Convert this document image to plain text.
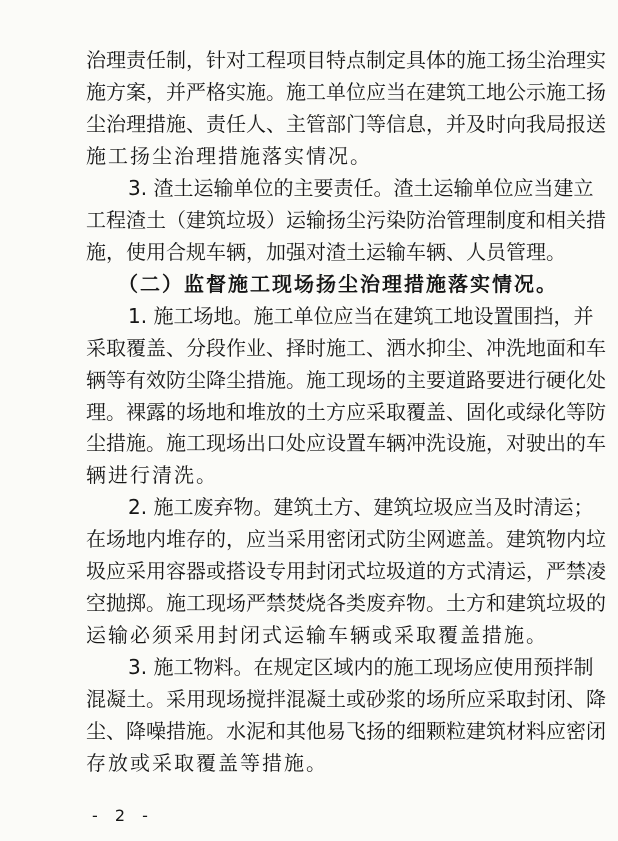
治理责任制，针对工程项目特点制定具体的施工扬尘治理实
施方案，并严格实施。施工单位应当在建筑工地公示施工扬
尘治理措施、责任人、主管部门等信息，并及时向我局报送
施工扬尘治理措施落实情况。
3. 渣土运输单位的主要责任。渣土运输单位应当建立
工程渣土（建筑垃圾）运输扬尘污染防治管理制度和相关措
施，使用合规车辆，加强对渣土运输车辆、人员管理。
（二）监督施工现场扬尘治理措施落实情况。
1. 施工场地。施工单位应当在建筑工地设置围挡，并
采取覆盖、分段作业、择时施工、洒水抑尘、冲洗地面和车
辆等有效防尘降尘措施。施工现场的主要道路要进行硬化处
理。裸露的场地和堆放的土方应采取覆盖、固化或绿化等防
尘措施。施工现场出口处应设置车辆冲洗设施，对驶出的车
辆进行清洗。
2. 施工废弃物。建筑土方、建筑垃圾应当及时清运；
在场地内堆存的，应当采用密闭式防尘网遮盖。建筑物内垃
圾应采用容器或搭设专用封闭式垃圾道的方式清运，严禁凌
空抛掷。施工现场严禁焚烧各类废弃物。土方和建筑垃圾的
运输必须采用封闭式运输车辆或采取覆盖措施。
3. 施工物料。在规定区域内的施工现场应使用预拌制
混凝土。采用现场搅拌混凝土或砂浆的场所应采取封闭、降
尘、降噪措施。水泥和其他易飞扬的细颗粒建筑材料应密闭
存放或采取覆盖等措施。
- 2 -
